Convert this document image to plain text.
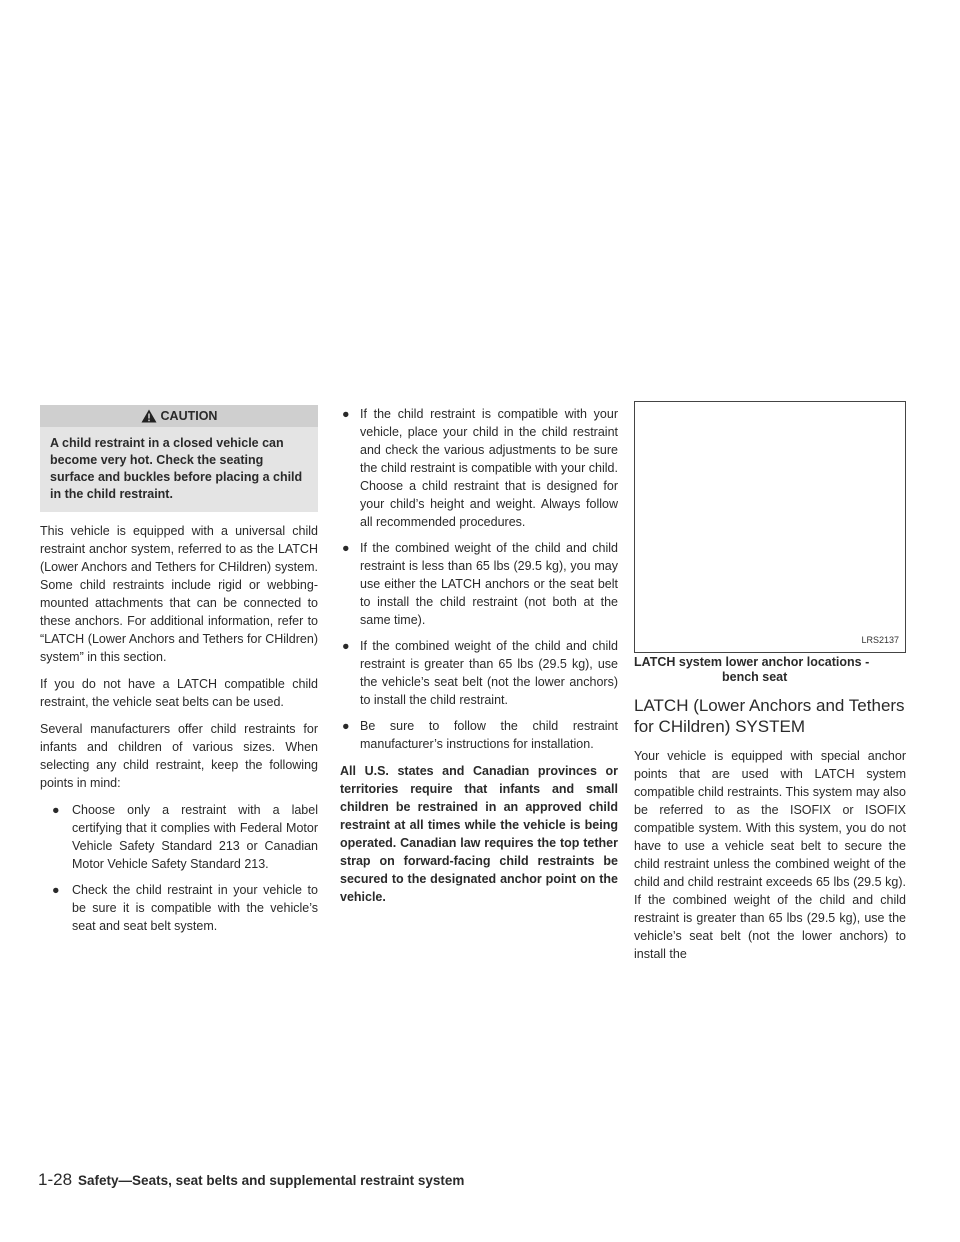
CAUTION
A child restraint in a closed vehicle can become very hot. Check the seating surface and buckles before placing a child in the child restraint.

This vehicle is equipped with a universal child restraint anchor system, referred to as the LATCH (Lower Anchors and Tethers for CHildren) system. Some child restraints include rigid or webbing-mounted attachments that can be connected to these anchors. For additional information, refer to “LATCH (Lower Anchors and Tethers for CHildren) system” in this section.

If you do not have a LATCH compatible child restraint, the vehicle seat belts can be used.

Several manufacturers offer child restraints for infants and children of various sizes. When selecting any child restraint, keep the following points in mind:

● Choose only a restraint with a label certifying that it complies with Federal Motor Vehicle Safety Standard 213 or Canadian Motor Vehicle Safety Standard 213.
● Check the child restraint in your vehicle to be sure it is compatible with the vehicle’s seat and seat belt system.
● If the child restraint is compatible with your vehicle, place your child in the child restraint and check the various adjustments to be sure the child restraint is compatible with your child. Choose a child restraint that is designed for your child’s height and weight. Always follow all recommended procedures.
● If the combined weight of the child and child restraint is less than 65 lbs (29.5 kg), you may use either the LATCH anchors or the seat belt to install the child restraint (not both at the same time).
● If the combined weight of the child and child restraint is greater than 65 lbs (29.5 kg), use the vehicle’s seat belt (not the lower anchors) to install the child restraint.
● Be sure to follow the child restraint manufacturer’s instructions for installation.

All U.S. states and Canadian provinces or territories require that infants and small children be restrained in an approved child restraint at all times while the vehicle is being operated. Canadian law requires the top tether strap on forward-facing child restraints be secured to the designated anchor point on the vehicle.

LRS2137
LATCH system lower anchor locations -
bench seat
LATCH (Lower Anchors and Tethers for CHildren) SYSTEM

Your vehicle is equipped with special anchor points that are used with LATCH system compatible child restraints. This system may also be referred to as the ISOFIX or ISOFIX compatible system. With this system, you do not have to use a vehicle seat belt to secure the child restraint unless the combined weight of the child and child restraint exceeds 65 lbs (29.5 kg). If the combined weight of the child and child restraint is greater than 65 lbs (29.5 kg), use the vehicle’s seat belt (not the lower anchors) to install the

1-28 Safety—Seats, seat belts and supplemental restraint system
